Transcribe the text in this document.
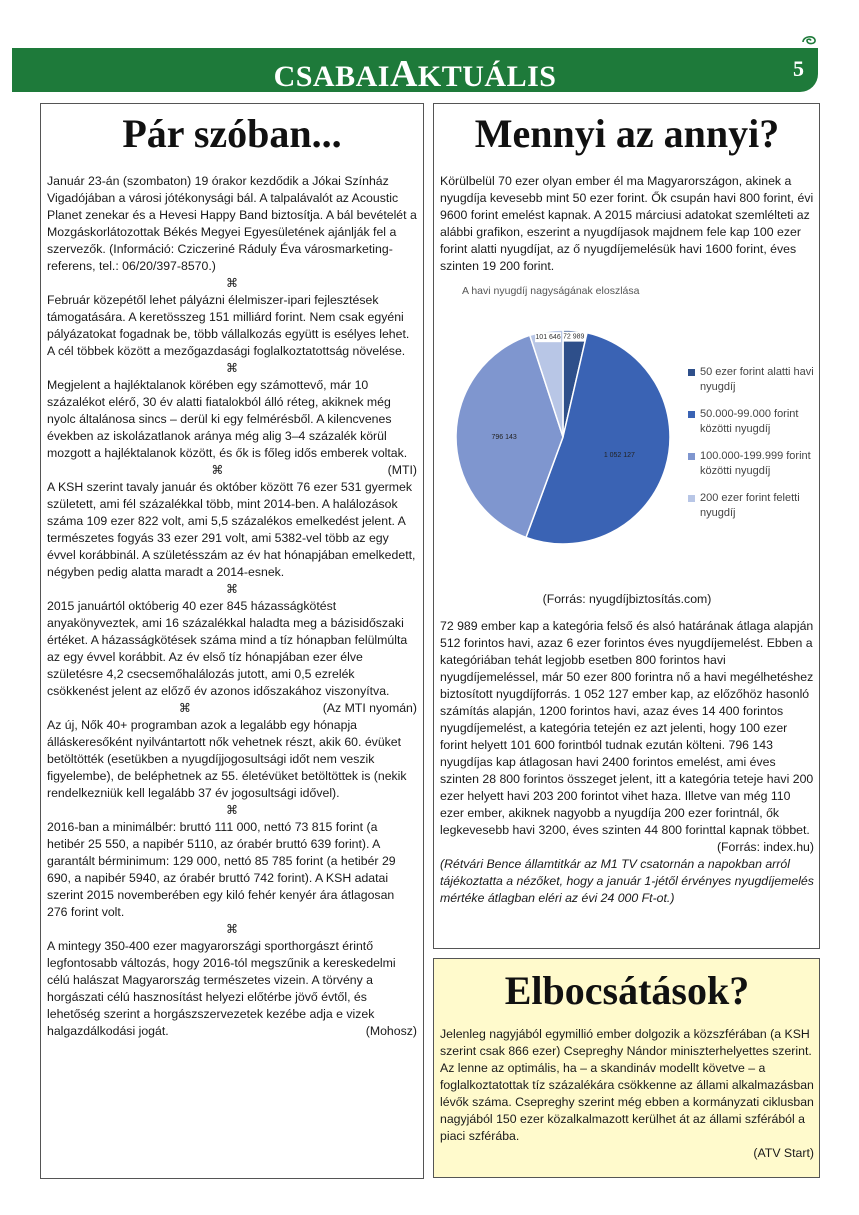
CSABAIAKTUÁLIS	5
Pár szóban...

Január 23-án (szombaton) 19 órakor kezdődik a Jókai Színház Vigadójában a városi jótékonysági bál. A talpalávalót az Acoustic Planet zenekar és a Hevesi Happy Band biztosítja. A bál bevételét a Mozgáskorlátozottak Békés Megyei Egyesületének ajánlják fel a szervezők. (Információ: Cziczeriné Ráduly Éva városmarketing-referens, tel.: 06/20/397-8570.)

⌘

Február közepétől lehet pályázni élelmiszer-ipari fejlesztések támogatására. A keretösszeg 151 milliárd forint. Nem csak egyéni pályázatokat fogadnak be, több vállalkozás együtt is esélyes lehet. A cél többek között a mezőgazdasági foglalkoztatottság növelése.

⌘

Megjelent a hajléktalanok körében egy számottevő, már 10 százalékot elérő, 30 év alatti fiatalokból álló réteg, akiknek még nyolc általánosa sincs – derül ki egy felmérésből. A kilencvenes években az iskolázatlanok aránya még alig 3–4 százalék körül mozgott a hajléktalanok között, és ők is főleg idős emberek voltak.
(MTI)

⌘

A KSH szerint tavaly január és október között 76 ezer 531 gyermek született, ami fél százalékkal több, mint 2014-ben. A halálozások száma 109 ezer 822 volt, ami 5,5 százalékos emelkedést jelent. A természetes fogyás 33 ezer 291 volt, ami 5382-vel több az egy évvel korábbinál. A születésszám az év hat hónapjában emelkedett, négyben pedig alatta maradt a 2014-esnek.

⌘

2015 januártól októberig 40 ezer 845 házasságkötést anyakönyveztek, ami 16 százalékkal haladta meg a bázisidőszaki értéket. A házasságkötések száma mind a tíz hónapban felülmúlta az egy évvel korábbit. Az év első tíz hónapjában ezer élve születésre 4,2 csecsemőhalálozás jutott, ami 0,5 ezrelék csökkenést jelent az előző év azonos időszakához viszonyítva.
(Az MTI nyomán)

⌘

Az új, Nők 40+ programban azok a legalább egy hónapja álláskeresőként nyilvántartott nők vehetnek részt, akik 60. évüket betöltötték (esetükben a nyugdíjjogosultsági időt nem veszik figyelembe), de beléphetnek az 55. életévüket betöltöttek is (nekik rendelkezniük kell legalább 37 év jogosultsági idővel).

⌘

2016-ban a minimálbér: bruttó 111 000, nettó 73 815 forint (a hetibér 25 550, a napibér 5110, az órabér bruttó 639 forint). A garantált bérminimum: 129 000, nettó 85 785 forint (a hetibér 29 690, a napibér 5940, az órabér bruttó 742 forint). A KSH adatai szerint 2015 novemberében egy kiló fehér kenyér ára átlagosan 276 forint volt.

⌘

A mintegy 350-400 ezer magyarországi sporthorgászt érintő legfontosabb változás, hogy 2016-tól megszűnik a kereskedelmi célú halászat Magyarország természetes vizein. A törvény a horgászati célú hasznosítást helyezi előtérbe jövő évtől, és lehetőség szerint a horgászszervezetek kezébe adja e vizek halgazdálkodási jogát.	(Mohosz)

Mennyi az annyi?

Körülbelül 70 ezer olyan ember él ma Magyarországon, akinek a nyugdíja kevesebb mint 50 ezer forint. Ők csupán havi 800 forint, évi 9600 forint emelést kapnak. A 2015 márciusi adatokat szemlélteti az alábbi grafikon, eszerint a nyugdíjasok majdnem fele kap 100 ezer forint alatti nyugdíjat, az ő nyugdíjemelésük havi 1600 forint, éves szinten 19 200 forint.

A havi nyugdíj nagyságának eloszlása
72 989
1 052 127
796 143
101 646
50 ezer forint alatti havi nyugdíj
50.000-99.000 forint közötti nyugdíj
100.000-199.999 forint közötti nyugdíj
200 ezer forint feletti nyugdíj

(Forrás: nyugdíjbiztosítás.com)

72 989 ember kap a kategória felső és alsó határának átlaga alapján 512 forintos havi, azaz 6 ezer forintos éves nyugdíjemelést. Ebben a kategóriában tehát legjobb esetben 800 forintos havi nyugdíjemeléssel, már 50 ezer 800 forintra nő a havi megélhetéshez biztosított nyugdíjforrás. 1 052 127 ember kap, az előzőhöz hasonló számítás alapján, 1200 forintos havi, azaz éves 14 400 forintos nyugdíjemelést, a kategória tetején ez azt jelenti, hogy 100 ezer forint helyett 101 600 forintból tudnak ezután költeni. 796 143 nyugdíjas kap átlagosan havi 2400 forintos emelést, ami éves szinten 28 800 forintos összeget jelent, itt a kategória teteje havi 200 ezer helyett havi 203 200 forintot vihet haza. Illetve van még 110 ezer ember, akiknek nagyobb a nyugdíja 200 ezer forintnál, ők legkevesebb havi 3200, éves szinten 44 800 forinttal kapnak többet.

(Forrás: index.hu)

(Rétvári Bence államtitkár az M1 TV csatornán a napokban arról tájékoztatta a nézőket, hogy a január 1-jétől érvényes nyugdíjemelés mértéke átlagban eléri az évi 24 000 Ft-ot.)

Elbocsátások?

Jelenleg nagyjából egymillió ember dolgozik a közszférában (a KSH szerint csak 866 ezer) Csepreghy Nándor miniszterhelyettes szerint. Az lenne az optimális, ha – a skandináv modellt követve – a foglalkoztatottak tíz százalékára csökkenne az állami alkalmazásban lévők száma. Csepreghy szerint még ebben a kormányzati ciklusban nagyjából 150 ezer közalkalmazott kerülhet át az állami szférából a piaci szférába.

(ATV Start)
